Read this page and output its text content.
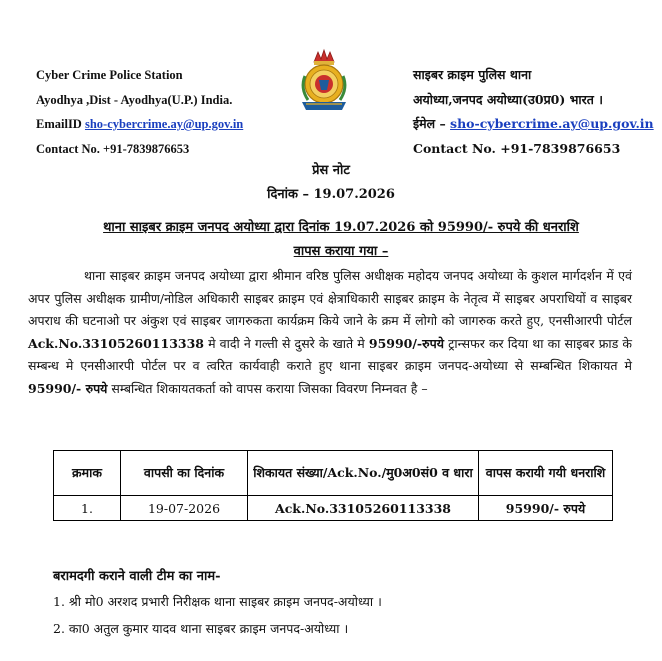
Cyber Crime Police Station
Ayodhya ,Dist - Ayodhya(U.P.) India.
EmailID sho-cybercrime.ay@up.gov.in
Contact No. +91-7839876653
साइबर क्राइम पुलिस थाना
अयोध्या,जनपद अयोध्या(उ0प्र0) भारत ।
ईमेल – sho-cybercrime.ay@up.gov.in
Contact No. +91-7839876653
प्रेस नोट
दिनांक – 19.07.2026
थाना साइबर क्राइम जनपद अयोध्या द्वारा दिनांक 19.07.2026 को 95990/- रुपये की धनराशि
वापस कराया गया –
थाना साइबर क्राइम जनपद अयोध्या द्वारा श्रीमान वरिष्ठ पुलिस अधीक्षक महोदय जनपद अयोध्या के कुशल मार्गदर्शन में एवं अपर पुलिस अधीक्षक ग्रामीण/नोडिल अधिकारी साइबर क्राइम एवं क्षेत्राधिकारी साइबर क्राइम के नेतृत्व में साइबर अपराधियों व साइबर अपराध की घटनाओ पर अंकुश एवं साइबर जागरुकता कार्यक्रम किये जाने के क्रम में लोगो को जागरुक करते हुए, एनसीआरपी पोर्टल Ack.No.33105260113338 मे वादी ने गल्ती से दुसरे के खाते मे 95990/-रुपये ट्रान्सफर कर दिया था का साइबर फ्राड के सम्बन्ध मे एनसीआरपी पोर्टल पर व त्वरित कार्यवाही कराते हुए थाना साइबर क्राइम जनपद-अयोध्या से सम्बन्धित शिकायत मे 95990/- रुपये सम्बन्धित शिकायतकर्ता को वापस कराया जिसका विवरण निम्नवत है –
क्रमाक	वापसी का दिनांक	शिकायत संख्या/Ack.No./मु0अ0सं0 व धारा	वापस करायी गयी धनराशि
1.	19-07-2026	Ack.No.33105260113338	95990/- रुपये
बरामदगी कराने वाली टीम का नाम-
1. श्री मो0 अरशद प्रभारी निरीक्षक थाना साइबर क्राइम जनपद-अयोध्या ।
2. का0 अतुल कुमार यादव थाना साइबर क्राइम जनपद-अयोध्या ।
